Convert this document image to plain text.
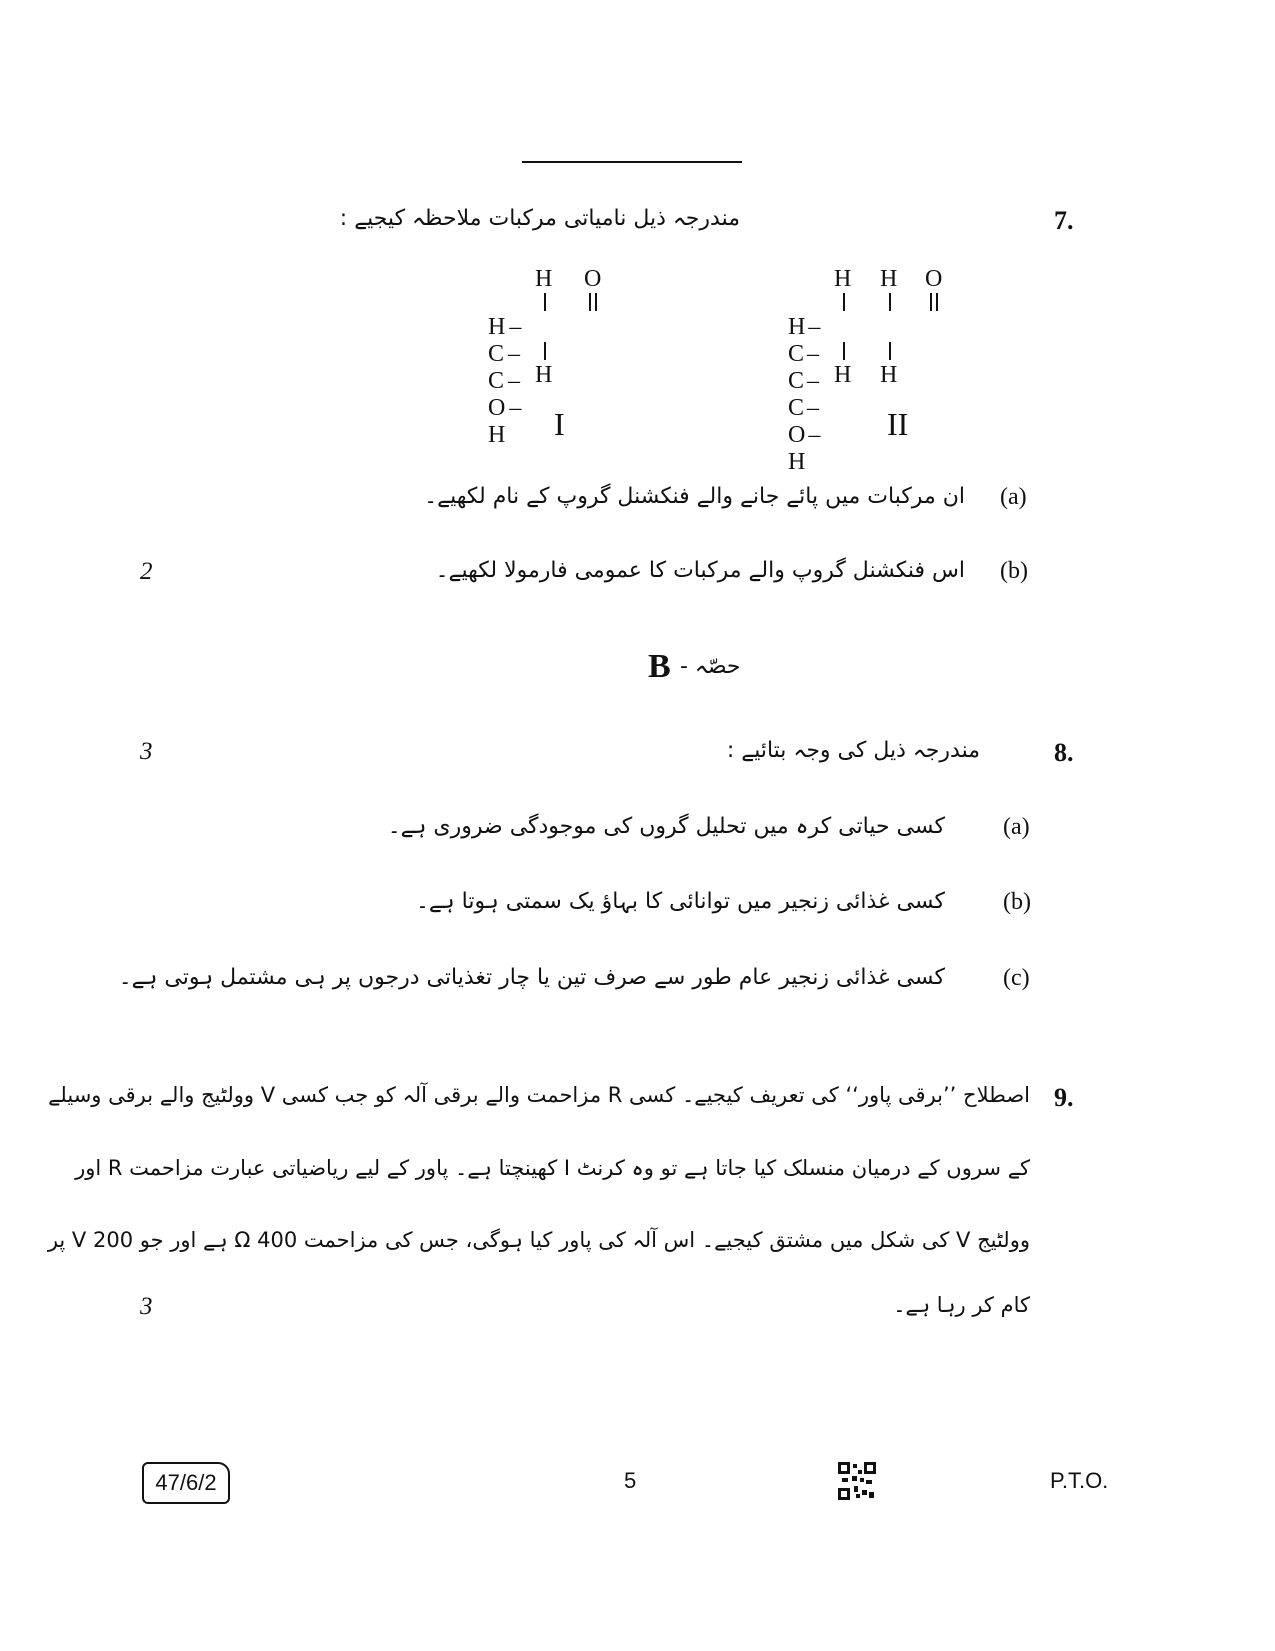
7.
مندرجہ ذیل نامیاتی مرکبات ملاحظہ کیجیے :
H O
H–C–C–O–H
H
I
H H O
H–C–C–C–O–H
H H
II
(a)
ان مرکبات میں پائے جانے والے فنکشنل گروپ کے نام لکھیے۔
(b)
اس فنکشنل گروپ والے مرکبات کا عمومی فارمولا لکھیے۔
2
B حصّہ -
8.
مندرجہ ذیل کی وجہ بتائیے :
3
(a)
کسی حیاتی کرہ میں تحلیل گروں کی موجودگی ضروری ہے۔
(b)
کسی غذائی زنجیر میں توانائی کا بہاؤ یک سمتی ہوتا ہے۔
(c)
کسی غذائی زنجیر عام طور سے صرف تین یا چار تغذیاتی درجوں پر ہی مشتمل ہوتی ہے۔
9.
اصطلاح ’’برقی پاور‘‘ کی تعریف کیجیے۔ کسی R مزاحمت والے برقی آلہ کو جب کسی V وولٹیج والے برقی وسیلے
کے سروں کے درمیان منسلک کیا جاتا ہے تو وہ کرنٹ I کھینچتا ہے۔ پاور کے لیے ریاضیاتی عبارت مزاحمت R اور
وولٹیج V کی شکل میں مشتق کیجیے۔ اس آلہ کی پاور کیا ہوگی، جس کی مزاحمت 400 Ω ہے اور جو 200 V پر
کام کر رہا ہے۔
3
47/6/2	5	P.T.O.
